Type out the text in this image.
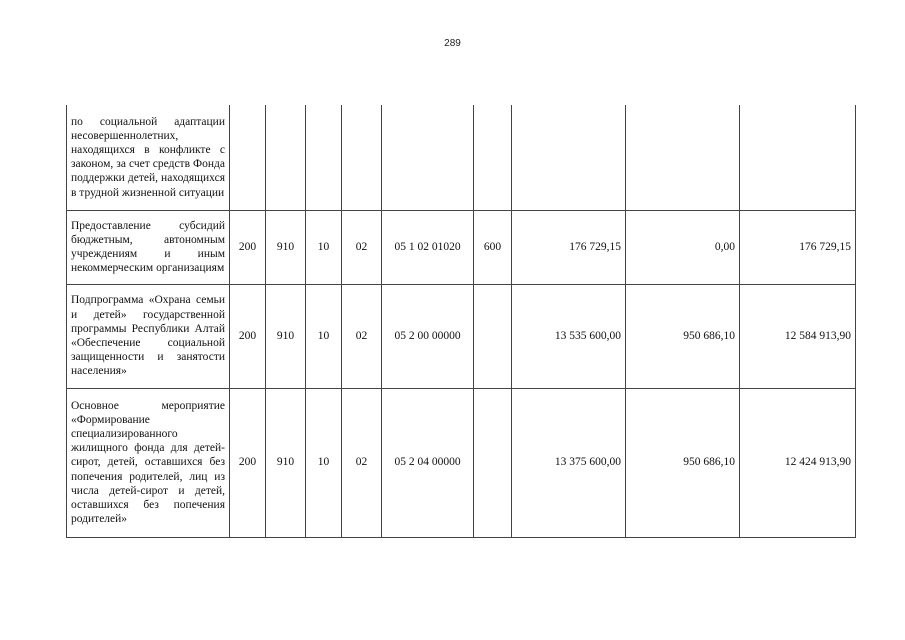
289
по социальной адаптации несовершеннолетних, находящихся в конфликте с законом, за счет средств Фонда поддержки детей, находящихся в трудной жизненной ситуации									
Предоставление субсидий бюджетным, автономным учреждениям и иным некоммерческим организациям	200	910	10	02	05 1 02 01020	600	176 729,15	0,00	176 729,15
Подпрограмма «Охрана семьи и детей» государственной программы Республики Алтай «Обеспечение социальной защищенности и занятости населения»	200	910	10	02	05 2 00 00000		13 535 600,00	950 686,10	12 584 913,90
Основное мероприятие «Формирование специализированного жилищного фонда для детей-сирот, детей, оставшихся без попечения родителей, лиц из числа детей-сирот и детей, оставшихся без попечения родителей»	200	910	10	02	05 2 04 00000		13 375 600,00	950 686,10	12 424 913,90
